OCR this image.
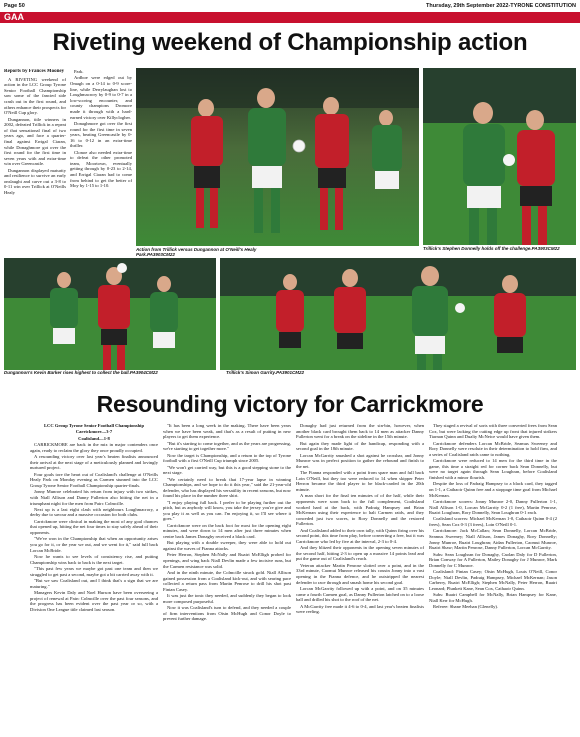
Page 50	Thursday, 29th September 2022-TYRONE CONSTITUTION
GAA
Riveting weekend of Championship action

Reports by Frances Mooney

A RIVETING weekend of action in the LCC Group Tyrone Senior Football Championship saw some of the fancied side crash out in the first round, and others enhance their prospects for O'Neill Cup glory.

Dungannon, title winners in 2002, defeated Trillick in a repeat of that sensational final of two years ago, and face a quarter-final against Errigal Ciaran, while Donaghmore got over the first round for the first time in seven years with and extra-time win over Greencastle.

Dungannon displayed maturity and resilience to survive an early onslaught and carve out a 3-8 to 0-11 win over Trillick at O'Neills Healy

Park.

Ardboe were edged out by Omagh on a 0-14 to 0-9 score-line, while Derrylaughan lost to Loughmacrory by 0-9 to 0-7 in a low-scoring encounter, and county champions Dromore made it through with a hard-earned victory over Killyclogher.

Donaghmore got over the first round for the first time in seven years, beating Greencastle by 0-16 to 0-12 in an extra-time thriller.

Clonoe also needed extra-time to defeat the other promoted team, Moortown, eventually getting through by 0-23 to 2-14, and Errigal Ciaran had to come from behind to get the better of Moy by 1-15 to 1-10.

Action from Trillick versus Dungannon at O'Neill's Healy Park.PA3903CM22
Trillick's Stephen Donnelly holds off the challenge.PA3903CM22
Dungannon's Kevin Barker rises highest to collect the ball.PA3904CM22	Trillick's Simon Garrity.PA3901CM22
Resounding victory for Carrickmore

LCC Group Tyrone Senior Football Championship

Carrickmore....3-7

Coalisland....1-8

CARRICKMORE are back in the mix in major contenders once again, ready to reclaim the glory they once proudly occupied.

A resounding victory over last year's beaten finalists announced their arrival at the next stage of a meticulously planned and lovingly nurtured project.

Four goals tore the heart out of Coalisland's challenge at O'Neills Healy Park on Monday evening as Carmen stunned into the LCC Group Tyrone Senior Football Championship quarter-finals.

Jonny Munroe celebrated his return from injury with two strikes, with Niall Allison and Danny Fullerton also hitting the net in a triumphant night for the men from Pairc Colmcille.

Next up is a last eight clash with neighbours Loughmacrory, a derby due to savour and a massive occasion for both clubs.

Carrickmore were clinical in making the most of any goal chances that opened up, hitting the net four times to stay safely ahead of their opponents.

"We've won in the Championship that when an opportunity arises you go for it, or the year we out, and we went for it," said full back Lorcan McBride.

Now he wants to see levels of consistency rise, and putting Championship wins back to back is the next target.

"This past few years we maybe got past one team and then we struggled to get past a second, maybe got a bit carried away with it.

"But we saw Coalisland out, and I think that's a sign that we are maturing."

Managers Kevin Daly and Noel Hurson have been overseeing a project of renewal at Pairc Colmcille over the past four seasons, and the progress has been evident over the past year or so, with a Division One League title claimed last season.

"It has been a long week in the making. There have been years when we have been weak, and that's as a result of putting in new players to get them experience.

"But it's starting to come together, and as the years are progressing, we're starting to get together more."

Now the target is Championship, and a return to the top of Tyrone football with a first O'Neill Cup triumph since 2005.

"We won't get carried way, but this is a good stepping stone to the next stage.

"We certainly need to break that 17-year lapse in winning Championships, and we hope to do it this year," said the 21-year-old defender, who has displayed his versatility in recent seasons, but now found his place in the number three shirt.

"I enjoy playing full back. I prefer to be playing further out the pitch, but as anybody will know, you take the jersey you're give and you play it as well as you can. I'm enjoying it, so I'll see where it goes."

Carrickmore were on the back foot for most for the opening eight minutes, and were down to 14 men after just three minutes when centre back James Donaghy received a black card.

But playing with a double sweeper, they were able to hold out against the waves of Fianna attacks.

Peter Herron, Stephen McNally and Ruairi McElligh probed for openings, and wing back Niall Devlin made a few incisive runs, but the Carmen resistance was solid.

And in the ninth minute, the Colmcille struck gold. Niall Allison gained possession from a Coalisland kick-out, and with searing pace collected a return pass from Martin Penrose to drill his shot past Fintan Casey.

It was just the tonic they needed, and suddenly they began to look more composed purposeful.

Now it was Coalisland's turn to defend, and they needed a couple of firm interventions from Oisin McHugh and Conor Doyle to prevent further damage.

Donaghy had just returned from the sin-bin, however, when another black card brought them back to 14 men as attacker Danny Fullerton went for a break on the sideline in the 15th minute.

But again they made light of the handicap, responding with a second goal in the 18th minute.

Lorcan McGarrity smashed a shot against he crossbar, and Jonny Munroe was in perfect position to gather the rebound and finish to the net.

The Fianna responded with a point from spare man and full back Loin O'Neill, but they too were reduced to 14 when skipper Peter Herron became the third player to be black-carded in the 20th minute.

A man short for the final ten minutes of of the half, while their opponents were soon back to the full complement, Coalisland worked hard at the back, with Padraig Hampsey and Brian McKernan using their experience to halt Carmen raids, and they conceded just two scores, to Rory Donnelly and the restored Fullerton.

And Coalisland added to their own tally, with Quinn firing over his second point, this time from play, before converting a free, but it was Carrickmore who led by five at the interval, 2-3 to 0-4.

And they blitzed their opponents in the opening seven minutes of the second half, hitting 2-3 to open up a massive 14 points lead and put the game out of Coalisland's reach.

Veteran attacker Martin Penrose slotted over a point, and in the 33rd minute, Caomui Munroe released his cousin Jonny into a vast opening in the Fianna defence, and he outstripped the nearest defender to race through and smash home his second goal.

Lorcan McGarrity followed up with a point, and on 35 minutes came a fourth Carmen goal, as Danny Fullerton latched on to a loose ball and drilled his shot to the roof of the net.

A McGarrity free made it 4-6 to 0-4, and last year's beaten finalists were reeling.

They staged a revival of sorts with three converted frees from Sean Cox, but were lacking the cutting edge up front that injured strikers Tiarnan Quinn and Dualty McNeice would have given them.

Carrickmore defenders Lorcan McBride, Seamus Sweeney and Rory Donnelly were resolute in their determination to hold firm, and a series of Coalisland raids came to nothing.

Carrickmore were reduced to 14 men for the third time in the game, this time a straight red for corner back Sean Donnelly, but were no target again through Sean Loughran, before Coalisland finished with a minor flourish.

Despite the loss of Padraig Hampsey to a black card, they tagged on 1-1, a Cathaoir Quinn free and a stoppage time goal from Michael McKernan.

Carrickmore scorers: Jonny Munroe 2-0, Danny Fullerton 1-1, Niall Allison 1-0, Lorcan McGarrity 0-2 (1 free), Martin Penrose, Ruairi Loughran, Rory Donnelly, Sean Loughran 0-1 each.

Coalisland scorers: Michael McKernan 1-0, Cathaoir Quinn 0-4 (2 frees), Sean Cox 0-3 (3 frees), Loin O'Neill 0-1.

Carrickmore: Jack McCallan; Sean Donnelly, Lorcan McBride, Seamus Sweeney; Niall Allison, James Donaghy, Rory Donnelly; Jonny Munroe, Ruairi Loughran; Aidan Fullerton, Caomui Munroe, Ruairi Shaw; Martin Penrose, Danny Fullerton, Lorcan McGarrity.

Subs: Sean Loughran for Donaghy, Caolan Daly for D Fullerton, Brian Conway for A Fullerton, Mailey Donaghy for J Munroe, Mark Donnelly for C Munroe.

Coalisland: Fintan Casey; Oisin McHugh, Louis O'Neill, Conor Doyle; Niall Devlin, Padraig Hampsey, Michael McKernan; Jason Carberry, Ruairi McElligh; Stephen McNally, Peter Herron, Ruairi Leonard; Plunkett Kane, Sean Cox, Cathaoir Quinn.

Subs: Ruairi Campbell for McNally, Brian Hampsey for Kane, Niall Kerr for McHugh.

Referee: Shane Meehan (Glenelly).
